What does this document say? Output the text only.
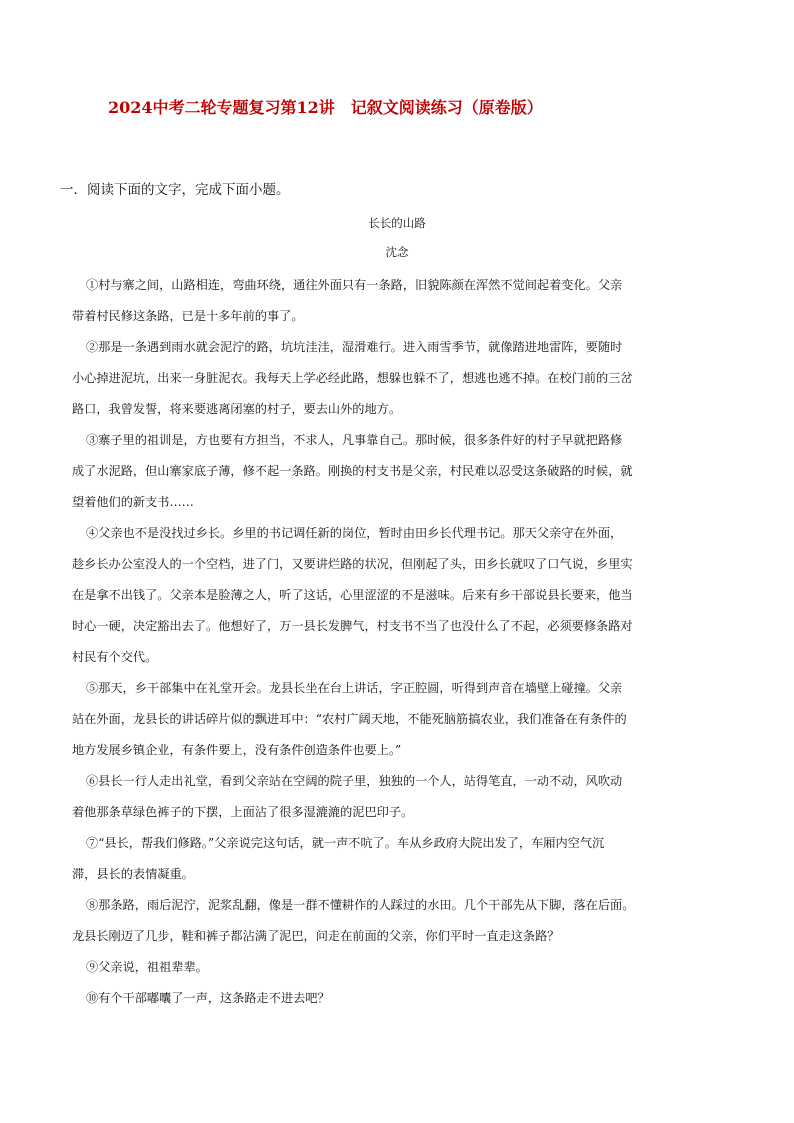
2024中考二轮专题复习第12讲　记叙文阅读练习（原卷版）
一．阅读下面的文字，完成下面小题。
长长的山路
沈念
①村与寨之间，山路相连，弯曲环绕，通往外面只有一条路，旧貌陈颜在浑然不觉间起着变化。父亲
带着村民修这条路，已是十多年前的事了。
②那是一条遇到雨水就会泥泞的路，坑坑洼洼，湿滑难行。进入雨雪季节，就像踏进地雷阵，要随时
小心掉进泥坑，出来一身脏泥衣。我每天上学必经此路，想躲也躲不了，想逃也逃不掉。在校门前的三岔
路口，我曾发誓，将来要逃离闭塞的村子，要去山外的地方。
③寨子里的祖训是，方也要有方担当，不求人，凡事靠自己。那时候，很多条件好的村子早就把路修
成了水泥路，但山寨家底子薄，修不起一条路。刚换的村支书是父亲，村民难以忍受这条破路的时候，就
望着他们的新支书……
④父亲也不是没找过乡长。乡里的书记调任新的岗位，暂时由田乡长代理书记。那天父亲守在外面，
趁乡长办公室没人的一个空档，进了门，又要讲烂路的状况，但刚起了头，田乡长就叹了口气说，乡里实
在是拿不出钱了。父亲本是脸薄之人，听了这话，心里涩涩的不是滋味。后来有乡干部说县长要来，他当
时心一硬，决定豁出去了。他想好了，万一县长发脾气，村支书不当了也没什么了不起，必须要修条路对
村民有个交代。
⑤那天，乡干部集中在礼堂开会。龙县长坐在台上讲话，字正腔圆，听得到声音在墙壁上碰撞。父亲
站在外面，龙县长的讲话碎片似的飘进耳中：“农村广阔天地，不能死脑筋搞农业，我们准备在有条件的
地方发展乡镇企业，有条件要上，没有条件创造条件也要上。”
⑥县长一行人走出礼堂，看到父亲站在空阔的院子里，独独的一个人，站得笔直，一动不动，风吹动
着他那条草绿色裤子的下摆，上面沾了很多湿漉漉的泥巴印子。
⑦“县长，帮我们修路。”父亲说完这句话，就一声不吭了。车从乡政府大院出发了，车厢内空气沉
滞，县长的表情凝重。
⑧那条路，雨后泥泞，泥浆乱翻，像是一群不懂耕作的人踩过的水田。几个干部先从下脚，落在后面。
龙县长刚迈了几步，鞋和裤子都沾满了泥巴，问走在前面的父亲，你们平时一直走这条路？
⑨父亲说，祖祖辈辈。
⑩有个干部嘟囔了一声，这条路走不进去吧？
